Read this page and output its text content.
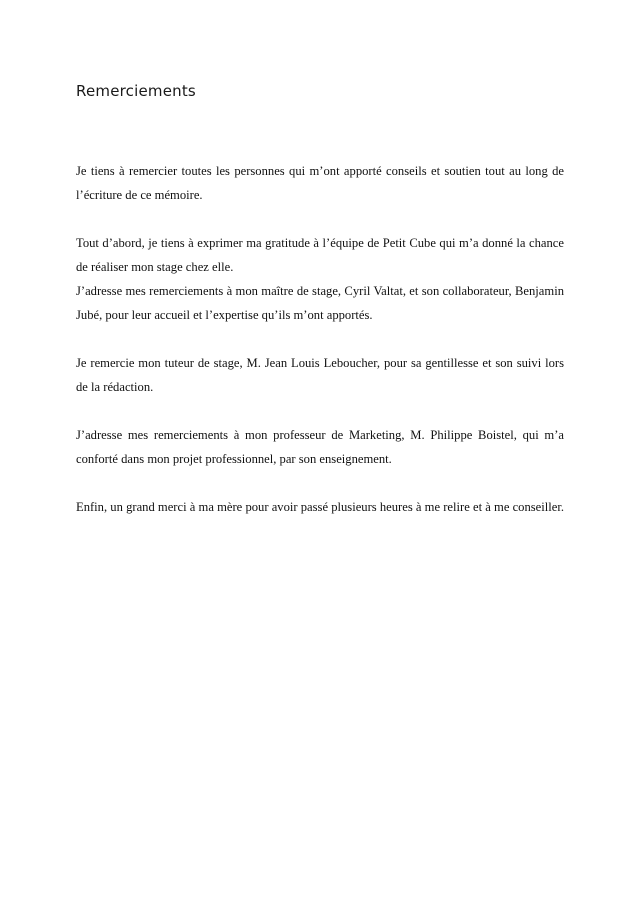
Remerciements

Je tiens à remercier toutes les personnes qui m’ont apporté conseils et soutien tout au long de l’écriture de ce mémoire.

Tout d’abord, je tiens à exprimer ma gratitude à l’équipe de Petit Cube qui m’a donné la chance de réaliser mon stage chez elle.

J’adresse mes remerciements à mon maître de stage, Cyril Valtat, et son collaborateur, Benjamin Jubé, pour leur accueil et l’expertise qu’ils m’ont apportés.

Je remercie mon tuteur de stage, M. Jean Louis Leboucher, pour sa gentillesse et son suivi lors de la rédaction.

J’adresse mes remerciements à mon professeur de Marketing, M. Philippe Boistel, qui m’a conforté dans mon projet professionnel, par son enseignement.

Enfin, un grand merci à ma mère pour avoir passé plusieurs heures à me relire et à me conseiller.
